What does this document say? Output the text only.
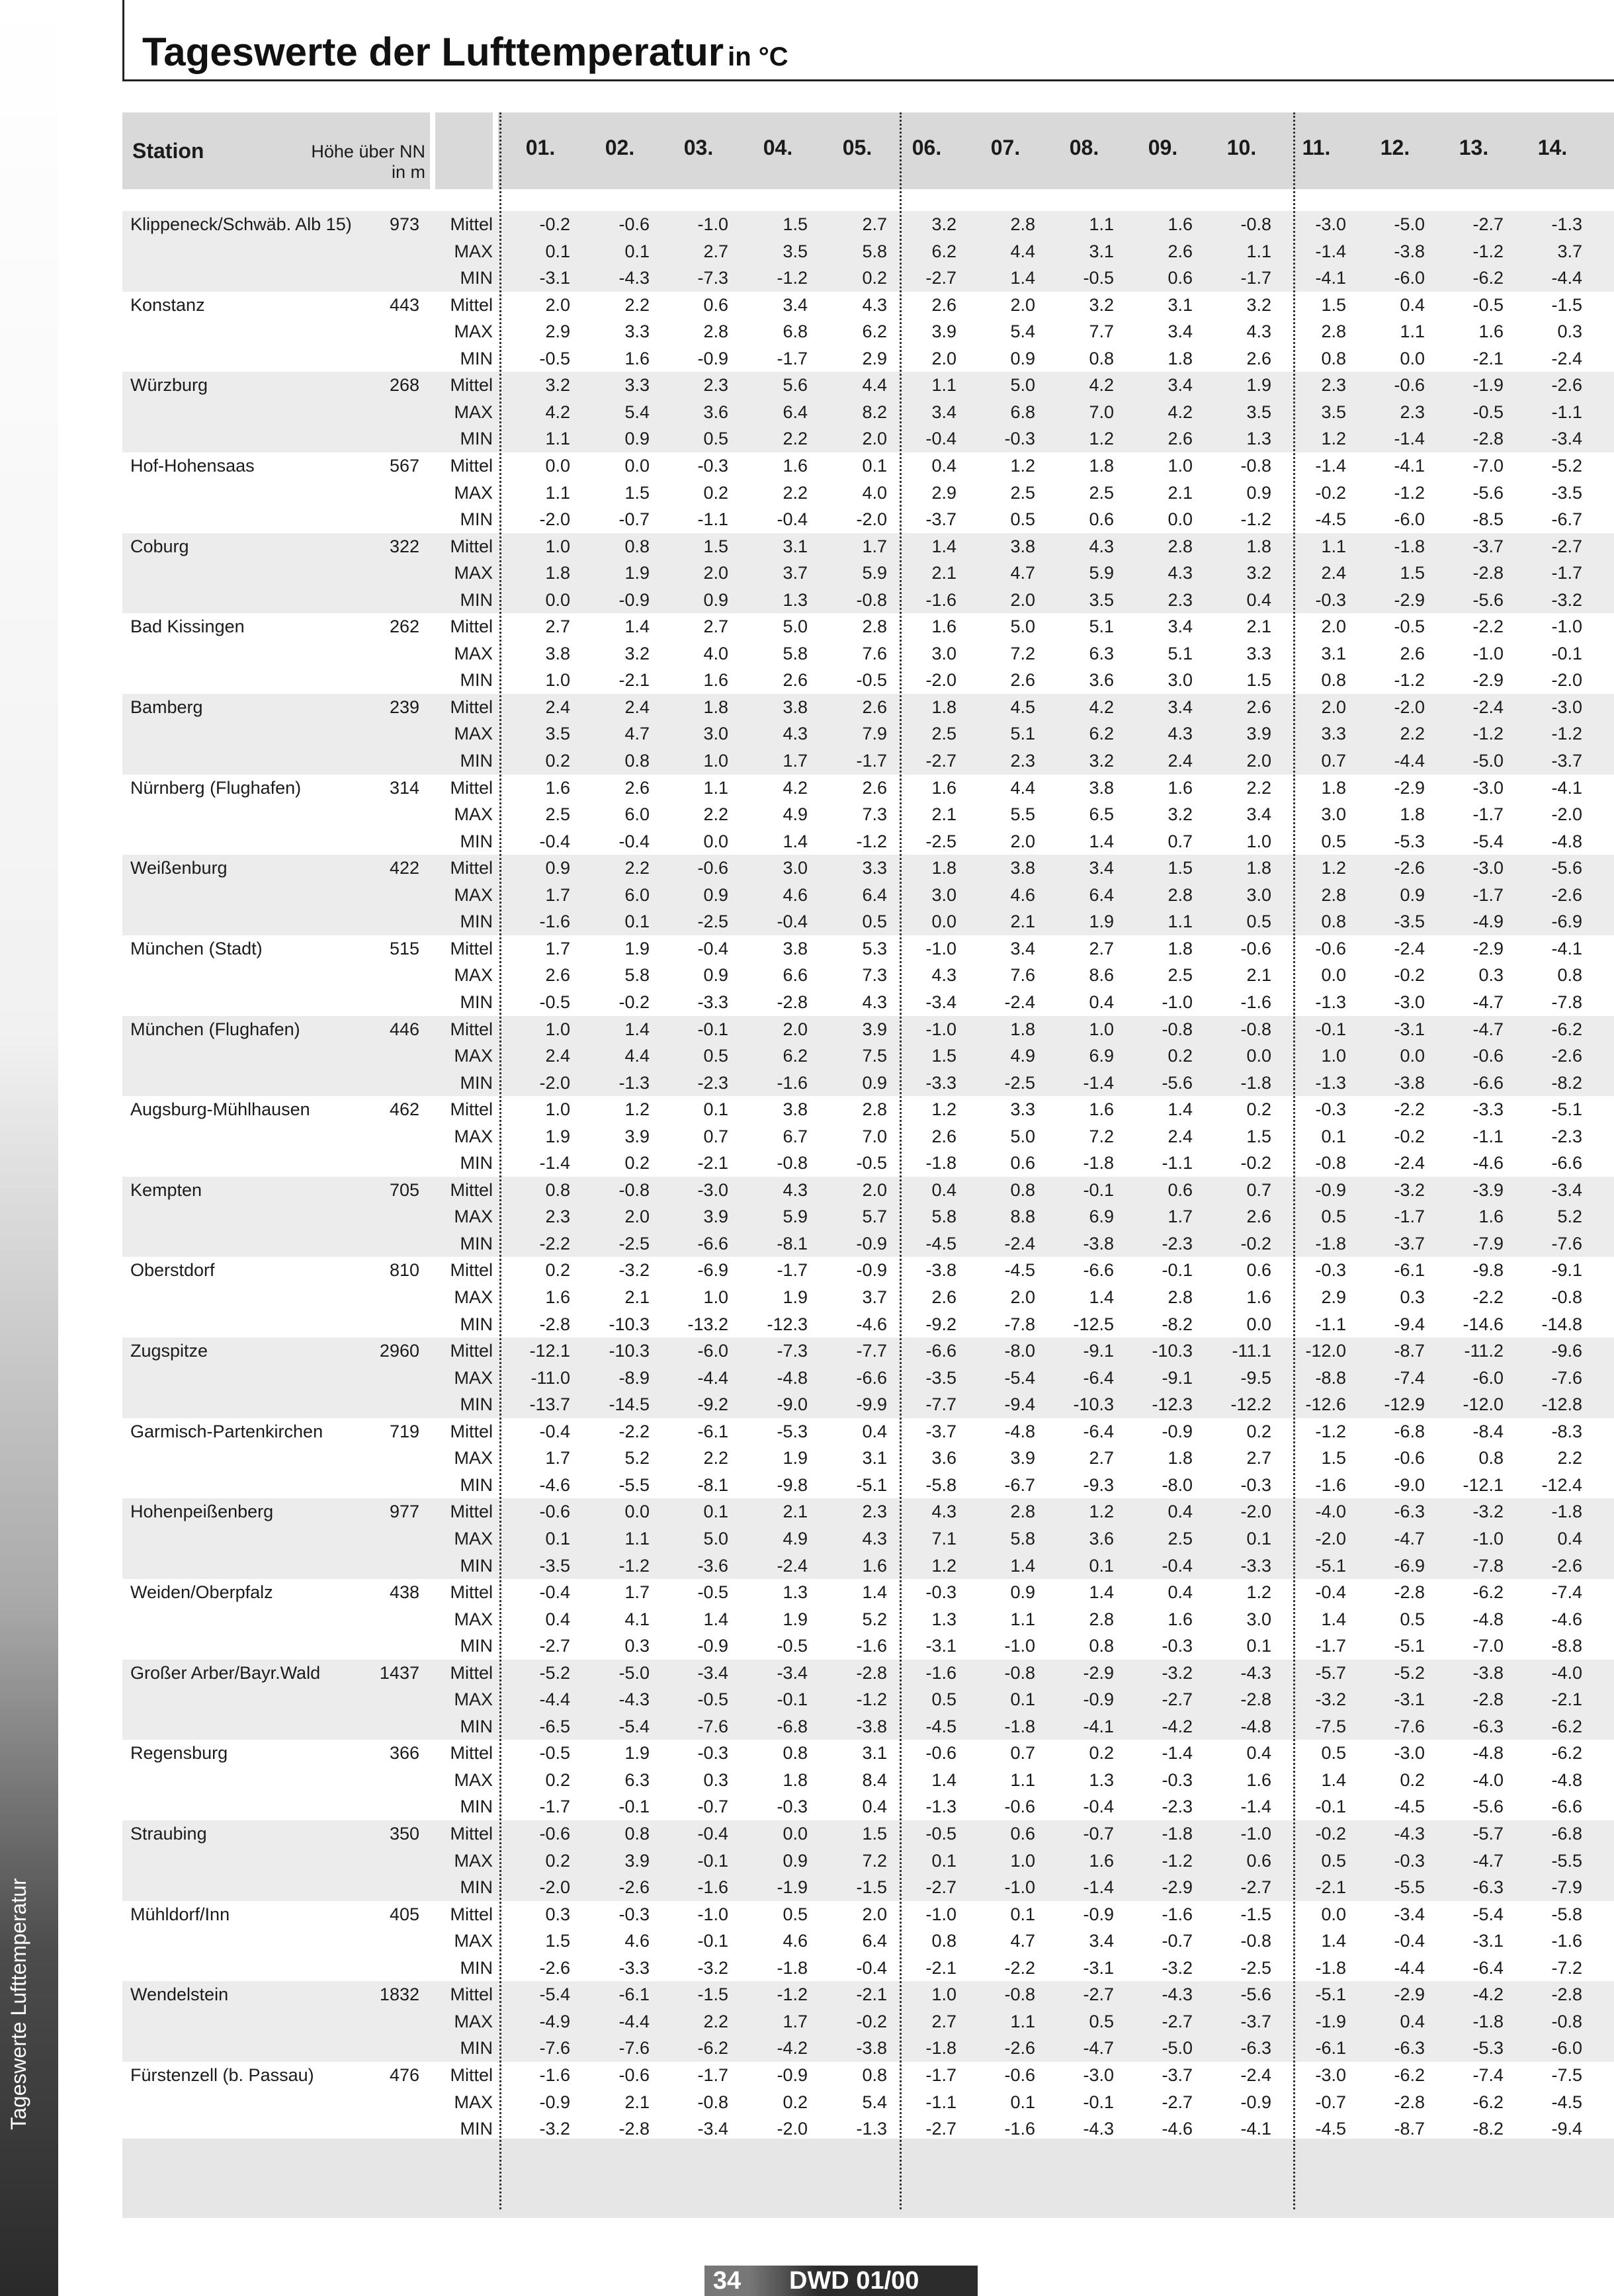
Tageswerte Lufttemperatur
Tageswerte der Lufttemperatur in °C
Station	Höhe über NN in m
01.	02.	03.	04.	05.	06.	07.	08.	09.	10.	11.	12.	13.	14.
Klippeneck/Schwäb. Alb 15)	973	Mittel	-0.2	-0.6	-1.0	1.5	2.7	3.2	2.8	1.1	1.6	-0.8	-3.0	-5.0	-2.7	-1.3
MAX	0.1	0.1	2.7	3.5	5.8	6.2	4.4	3.1	2.6	1.1	-1.4	-3.8	-1.2	3.7
MIN	-3.1	-4.3	-7.3	-1.2	0.2	-2.7	1.4	-0.5	0.6	-1.7	-4.1	-6.0	-6.2	-4.4
Konstanz	443	Mittel	2.0	2.2	0.6	3.4	4.3	2.6	2.0	3.2	3.1	3.2	1.5	0.4	-0.5	-1.5
MAX	2.9	3.3	2.8	6.8	6.2	3.9	5.4	7.7	3.4	4.3	2.8	1.1	1.6	0.3
MIN	-0.5	1.6	-0.9	-1.7	2.9	2.0	0.9	0.8	1.8	2.6	0.8	0.0	-2.1	-2.4
Würzburg	268	Mittel	3.2	3.3	2.3	5.6	4.4	1.1	5.0	4.2	3.4	1.9	2.3	-0.6	-1.9	-2.6
MAX	4.2	5.4	3.6	6.4	8.2	3.4	6.8	7.0	4.2	3.5	3.5	2.3	-0.5	-1.1
MIN	1.1	0.9	0.5	2.2	2.0	-0.4	-0.3	1.2	2.6	1.3	1.2	-1.4	-2.8	-3.4
Hof-Hohensaas	567	Mittel	0.0	0.0	-0.3	1.6	0.1	0.4	1.2	1.8	1.0	-0.8	-1.4	-4.1	-7.0	-5.2
MAX	1.1	1.5	0.2	2.2	4.0	2.9	2.5	2.5	2.1	0.9	-0.2	-1.2	-5.6	-3.5
MIN	-2.0	-0.7	-1.1	-0.4	-2.0	-3.7	0.5	0.6	0.0	-1.2	-4.5	-6.0	-8.5	-6.7
Coburg	322	Mittel	1.0	0.8	1.5	3.1	1.7	1.4	3.8	4.3	2.8	1.8	1.1	-1.8	-3.7	-2.7
MAX	1.8	1.9	2.0	3.7	5.9	2.1	4.7	5.9	4.3	3.2	2.4	1.5	-2.8	-1.7
MIN	0.0	-0.9	0.9	1.3	-0.8	-1.6	2.0	3.5	2.3	0.4	-0.3	-2.9	-5.6	-3.2
Bad Kissingen	262	Mittel	2.7	1.4	2.7	5.0	2.8	1.6	5.0	5.1	3.4	2.1	2.0	-0.5	-2.2	-1.0
MAX	3.8	3.2	4.0	5.8	7.6	3.0	7.2	6.3	5.1	3.3	3.1	2.6	-1.0	-0.1
MIN	1.0	-2.1	1.6	2.6	-0.5	-2.0	2.6	3.6	3.0	1.5	0.8	-1.2	-2.9	-2.0
Bamberg	239	Mittel	2.4	2.4	1.8	3.8	2.6	1.8	4.5	4.2	3.4	2.6	2.0	-2.0	-2.4	-3.0
MAX	3.5	4.7	3.0	4.3	7.9	2.5	5.1	6.2	4.3	3.9	3.3	2.2	-1.2	-1.2
MIN	0.2	0.8	1.0	1.7	-1.7	-2.7	2.3	3.2	2.4	2.0	0.7	-4.4	-5.0	-3.7
Nürnberg (Flughafen)	314	Mittel	1.6	2.6	1.1	4.2	2.6	1.6	4.4	3.8	1.6	2.2	1.8	-2.9	-3.0	-4.1
MAX	2.5	6.0	2.2	4.9	7.3	2.1	5.5	6.5	3.2	3.4	3.0	1.8	-1.7	-2.0
MIN	-0.4	-0.4	0.0	1.4	-1.2	-2.5	2.0	1.4	0.7	1.0	0.5	-5.3	-5.4	-4.8
Weißenburg	422	Mittel	0.9	2.2	-0.6	3.0	3.3	1.8	3.8	3.4	1.5	1.8	1.2	-2.6	-3.0	-5.6
MAX	1.7	6.0	0.9	4.6	6.4	3.0	4.6	6.4	2.8	3.0	2.8	0.9	-1.7	-2.6
MIN	-1.6	0.1	-2.5	-0.4	0.5	0.0	2.1	1.9	1.1	0.5	0.8	-3.5	-4.9	-6.9
München (Stadt)	515	Mittel	1.7	1.9	-0.4	3.8	5.3	-1.0	3.4	2.7	1.8	-0.6	-0.6	-2.4	-2.9	-4.1
MAX	2.6	5.8	0.9	6.6	7.3	4.3	7.6	8.6	2.5	2.1	0.0	-0.2	0.3	0.8
MIN	-0.5	-0.2	-3.3	-2.8	4.3	-3.4	-2.4	0.4	-1.0	-1.6	-1.3	-3.0	-4.7	-7.8
München (Flughafen)	446	Mittel	1.0	1.4	-0.1	2.0	3.9	-1.0	1.8	1.0	-0.8	-0.8	-0.1	-3.1	-4.7	-6.2
MAX	2.4	4.4	0.5	6.2	7.5	1.5	4.9	6.9	0.2	0.0	1.0	0.0	-0.6	-2.6
MIN	-2.0	-1.3	-2.3	-1.6	0.9	-3.3	-2.5	-1.4	-5.6	-1.8	-1.3	-3.8	-6.6	-8.2
Augsburg-Mühlhausen	462	Mittel	1.0	1.2	0.1	3.8	2.8	1.2	3.3	1.6	1.4	0.2	-0.3	-2.2	-3.3	-5.1
MAX	1.9	3.9	0.7	6.7	7.0	2.6	5.0	7.2	2.4	1.5	0.1	-0.2	-1.1	-2.3
MIN	-1.4	0.2	-2.1	-0.8	-0.5	-1.8	0.6	-1.8	-1.1	-0.2	-0.8	-2.4	-4.6	-6.6
Kempten	705	Mittel	0.8	-0.8	-3.0	4.3	2.0	0.4	0.8	-0.1	0.6	0.7	-0.9	-3.2	-3.9	-3.4
MAX	2.3	2.0	3.9	5.9	5.7	5.8	8.8	6.9	1.7	2.6	0.5	-1.7	1.6	5.2
MIN	-2.2	-2.5	-6.6	-8.1	-0.9	-4.5	-2.4	-3.8	-2.3	-0.2	-1.8	-3.7	-7.9	-7.6
Oberstdorf	810	Mittel	0.2	-3.2	-6.9	-1.7	-0.9	-3.8	-4.5	-6.6	-0.1	0.6	-0.3	-6.1	-9.8	-9.1
MAX	1.6	2.1	1.0	1.9	3.7	2.6	2.0	1.4	2.8	1.6	2.9	0.3	-2.2	-0.8
MIN	-2.8	-10.3	-13.2	-12.3	-4.6	-9.2	-7.8	-12.5	-8.2	0.0	-1.1	-9.4	-14.6	-14.8
Zugspitze	2960	Mittel	-12.1	-10.3	-6.0	-7.3	-7.7	-6.6	-8.0	-9.1	-10.3	-11.1	-12.0	-8.7	-11.2	-9.6
MAX	-11.0	-8.9	-4.4	-4.8	-6.6	-3.5	-5.4	-6.4	-9.1	-9.5	-8.8	-7.4	-6.0	-7.6
MIN	-13.7	-14.5	-9.2	-9.0	-9.9	-7.7	-9.4	-10.3	-12.3	-12.2	-12.6	-12.9	-12.0	-12.8
Garmisch-Partenkirchen	719	Mittel	-0.4	-2.2	-6.1	-5.3	0.4	-3.7	-4.8	-6.4	-0.9	0.2	-1.2	-6.8	-8.4	-8.3
MAX	1.7	5.2	2.2	1.9	3.1	3.6	3.9	2.7	1.8	2.7	1.5	-0.6	0.8	2.2
MIN	-4.6	-5.5	-8.1	-9.8	-5.1	-5.8	-6.7	-9.3	-8.0	-0.3	-1.6	-9.0	-12.1	-12.4
Hohenpeißenberg	977	Mittel	-0.6	0.0	0.1	2.1	2.3	4.3	2.8	1.2	0.4	-2.0	-4.0	-6.3	-3.2	-1.8
MAX	0.1	1.1	5.0	4.9	4.3	7.1	5.8	3.6	2.5	0.1	-2.0	-4.7	-1.0	0.4
MIN	-3.5	-1.2	-3.6	-2.4	1.6	1.2	1.4	0.1	-0.4	-3.3	-5.1	-6.9	-7.8	-2.6
Weiden/Oberpfalz	438	Mittel	-0.4	1.7	-0.5	1.3	1.4	-0.3	0.9	1.4	0.4	1.2	-0.4	-2.8	-6.2	-7.4
MAX	0.4	4.1	1.4	1.9	5.2	1.3	1.1	2.8	1.6	3.0	1.4	0.5	-4.8	-4.6
MIN	-2.7	0.3	-0.9	-0.5	-1.6	-3.1	-1.0	0.8	-0.3	0.1	-1.7	-5.1	-7.0	-8.8
Großer Arber/Bayr.Wald	1437	Mittel	-5.2	-5.0	-3.4	-3.4	-2.8	-1.6	-0.8	-2.9	-3.2	-4.3	-5.7	-5.2	-3.8	-4.0
MAX	-4.4	-4.3	-0.5	-0.1	-1.2	0.5	0.1	-0.9	-2.7	-2.8	-3.2	-3.1	-2.8	-2.1
MIN	-6.5	-5.4	-7.6	-6.8	-3.8	-4.5	-1.8	-4.1	-4.2	-4.8	-7.5	-7.6	-6.3	-6.2
Regensburg	366	Mittel	-0.5	1.9	-0.3	0.8	3.1	-0.6	0.7	0.2	-1.4	0.4	0.5	-3.0	-4.8	-6.2
MAX	0.2	6.3	0.3	1.8	8.4	1.4	1.1	1.3	-0.3	1.6	1.4	0.2	-4.0	-4.8
MIN	-1.7	-0.1	-0.7	-0.3	0.4	-1.3	-0.6	-0.4	-2.3	-1.4	-0.1	-4.5	-5.6	-6.6
Straubing	350	Mittel	-0.6	0.8	-0.4	0.0	1.5	-0.5	0.6	-0.7	-1.8	-1.0	-0.2	-4.3	-5.7	-6.8
MAX	0.2	3.9	-0.1	0.9	7.2	0.1	1.0	1.6	-1.2	0.6	0.5	-0.3	-4.7	-5.5
MIN	-2.0	-2.6	-1.6	-1.9	-1.5	-2.7	-1.0	-1.4	-2.9	-2.7	-2.1	-5.5	-6.3	-7.9
Mühldorf/Inn	405	Mittel	0.3	-0.3	-1.0	0.5	2.0	-1.0	0.1	-0.9	-1.6	-1.5	0.0	-3.4	-5.4	-5.8
MAX	1.5	4.6	-0.1	4.6	6.4	0.8	4.7	3.4	-0.7	-0.8	1.4	-0.4	-3.1	-1.6
MIN	-2.6	-3.3	-3.2	-1.8	-0.4	-2.1	-2.2	-3.1	-3.2	-2.5	-1.8	-4.4	-6.4	-7.2
Wendelstein	1832	Mittel	-5.4	-6.1	-1.5	-1.2	-2.1	1.0	-0.8	-2.7	-4.3	-5.6	-5.1	-2.9	-4.2	-2.8
MAX	-4.9	-4.4	2.2	1.7	-0.2	2.7	1.1	0.5	-2.7	-3.7	-1.9	0.4	-1.8	-0.8
MIN	-7.6	-7.6	-6.2	-4.2	-3.8	-1.8	-2.6	-4.7	-5.0	-6.3	-6.1	-6.3	-5.3	-6.0
Fürstenzell (b. Passau)	476	Mittel	-1.6	-0.6	-1.7	-0.9	0.8	-1.7	-0.6	-3.0	-3.7	-2.4	-3.0	-6.2	-7.4	-7.5
MAX	-0.9	2.1	-0.8	0.2	5.4	-1.1	0.1	-0.1	-2.7	-0.9	-0.7	-2.8	-6.2	-4.5
MIN	-3.2	-2.8	-3.4	-2.0	-1.3	-2.7	-1.6	-4.3	-4.6	-4.1	-4.5	-8.7	-8.2	-9.4
34	DWD 01/00
